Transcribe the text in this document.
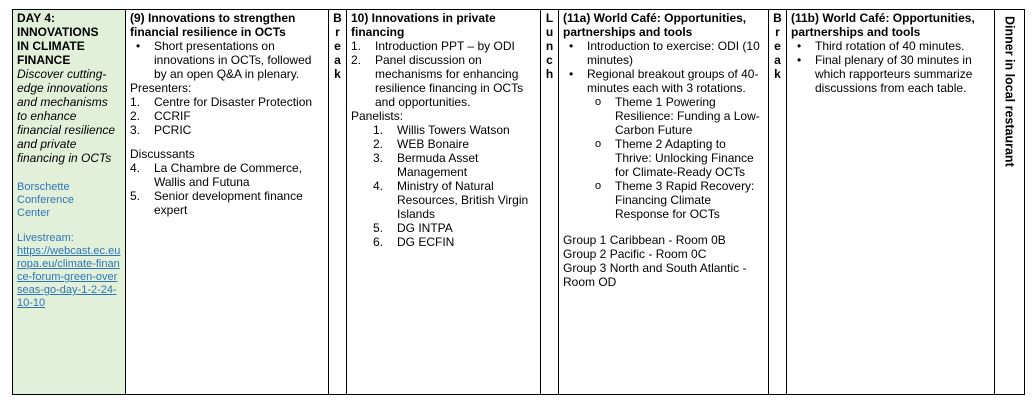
DAY 4:
INNOVATIONS
IN CLIMATE
FINANCE
Discover cutting-edge innovations and mechanisms to enhance financial resilience and private financing in OCTs
Borschette
Conference
Center
Livestream:
https://webcast.ec.europa.eu/climate-finance-forum-green-overseas-go-day-1-2-24-10-10

(9) Innovations to strengthen financial resilience in OCTs
• Short presentations on innovations in OCTs, followed by an open Q&A in plenary.
Presenters:
1. Centre for Disaster Protection
2. CCRIF
3. PCRIC
Discussants
4. La Chambre de Commerce, Wallis and Futuna
5. Senior development finance expert

B
r
e
a
k

10) Innovations in private financing
1. Introduction PPT – by ODI
2. Panel discussion on mechanisms for enhancing resilience financing in OCTs and opportunities.
Panelists:
1. Willis Towers Watson
2. WEB Bonaire
3. Bermuda Asset Management
4. Ministry of Natural Resources, British Virgin Islands
5. DG INTPA
6. DG ECFIN

L
u
n
c
h

(11a) World Café: Opportunities, partnerships and tools
• Introduction to exercise: ODI (10 minutes)
• Regional breakout groups of 40-minutes each with 3 rotations.
o Theme 1 Powering Resilience: Funding a Low-Carbon Future
o Theme 2 Adapting to Thrive: Unlocking Finance for Climate-Ready OCTs
o Theme 3 Rapid Recovery: Financing Climate Response for OCTs
Group 1 Caribbean - Room 0B
Group 2 Pacific - Room 0C
Group 3 North and South Atlantic - Room OD

B
r
e
a
k

(11b) World Café: Opportunities, partnerships and tools
• Third rotation of 40 minutes.
• Final plenary of 30 minutes in which rapporteurs summarize discussions from each table.	Dinner in local restaurant
